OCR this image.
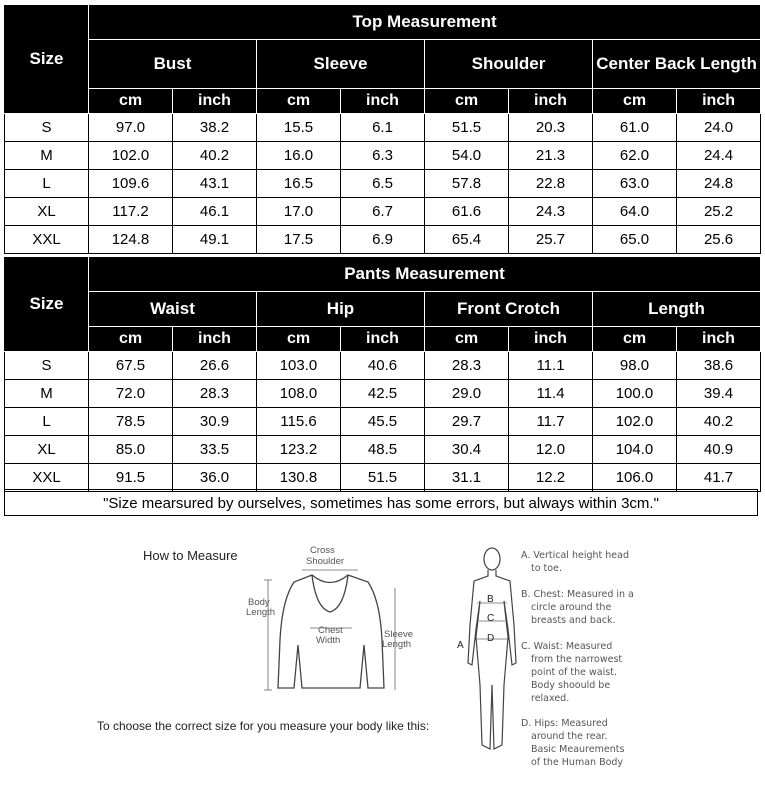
Size	Top Measurement							
	Bust		Sleeve		Shoulder		Center Back Length	
	cm	inch	cm	inch	cm	inch	cm	inch
S	97.0	38.2	15.5	6.1	51.5	20.3	61.0	24.0
M	102.0	40.2	16.0	6.3	54.0	21.3	62.0	24.4
L	109.6	43.1	16.5	6.5	57.8	22.8	63.0	24.8
XL	117.2	46.1	17.0	6.7	61.6	24.3	64.0	25.2
XXL	124.8	49.1	17.5	6.9	65.4	25.7	65.0	25.6
Size	Pants Measurement							
	Waist		Hip		Front Crotch		Length	
	cm	inch	cm	inch	cm	inch	cm	inch
S	67.5	26.6	103.0	40.6	28.3	11.1	98.0	38.6
M	72.0	28.3	108.0	42.5	29.0	11.4	100.0	39.4
L	78.5	30.9	115.6	45.5	29.7	11.7	102.0	40.2
XL	85.0	33.5	123.2	48.5	30.4	12.0	104.0	40.9
XXL	91.5	36.0	130.8	51.5	31.1	12.2	106.0	41.7
"Size mearsured by ourselves, sometimes has some errors, but always within 3cm."
How to Measure
To choose the correct size for you measure your body like this:
Cross
Shoulder
Body
Length
Chest
Width
Sleeve
Length
B
C
D
A
A. Vertical height head
to toe.
B. Chest: Measured in a
circle around the
breasts and back.
C. Waist: Measured
from the narrowest
point of the waist.
Body shoould be
relaxed.
D. Hips: Measured
around the rear.
Basic Meaurements
of the Human Body
